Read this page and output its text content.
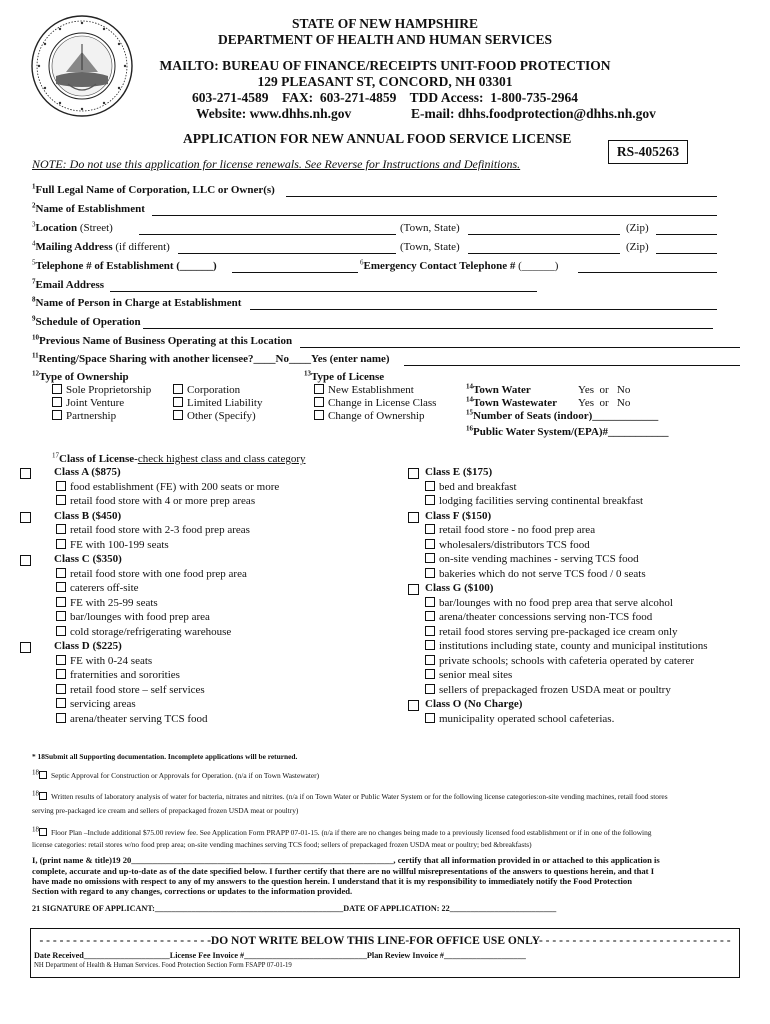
STATE OF NEW HAMPSHIRE
DEPARTMENT OF HEALTH AND HUMAN SERVICES
MAILTO: BUREAU OF FINANCE/RECEIPTS UNIT-FOOD PROTECTION
129 PLEASANT ST, CONCORD, NH 03301
603-271-4589    FAX:  603-271-4859    TDD Access:  1-800-735-2964
Website: www.dhhs.nh.gov	E-mail: dhhs.foodprotection@dhhs.nh.gov
APPLICATION FOR NEW ANNUAL FOOD SERVICE LICENSE
RS-405263
NOTE: Do not use this application for license renewals. See Reverse for Instructions and Definitions.
$^1$Full Legal Name of Corporation, LLC or Owner(s)
$^2$Name of Establishment
$^3$Location (Street)	(Town, State)	(Zip)
$^4$Mailing Address (if different)	(Town, State)	(Zip)
$^5$Telephone # of Establishment (______)	$^6$Emergency Contact Telephone # (______)
$^7$Email Address
$^8$Name of Person in Charge at Establishment
$^9$Schedule of Operation
$^{10}$Previous Name of Business Operating at this Location
$^{11}$Renting/Space Sharing with another licensee?____No____Yes (enter name)
$^{12}$Type of Ownership
Sole Proprietorship
Joint Venture
Partnership
Corporation
Limited Liability
Other (Specify)
$^{13}$Type of License
New Establishment
Change in License Class
Change of Ownership
$^{14}$Town Water	Yes  or   No
$^{14}$Town Wastewater Yes  or   No
$^{15}$Number of Seats (indoor)____________
$^{16}$Public Water System/(EPA)#___________
$^{17}$Class of License-check highest class and class category
Class A ($875)
food establishment (FE) with 200 seats or more
retail food store with 4 or more prep areas
Class B ($450)
retail food store with 2-3 food prep areas
FE with 100-199 seats
Class C ($350)
retail food store with one food prep area
caterers off-site
FE with 25-99 seats
bar/lounges with food prep area
cold storage/refrigerating warehouse
Class D ($225)
FE with 0-24 seats
fraternities and sororities
retail food store – self services
servicing areas
arena/theater serving TCS food
Class E ($175)
bed and breakfast
lodging facilities serving continental breakfast
Class F ($150)
retail food store - no food prep area
wholesalers/distributors TCS food
on-site vending machines - serving TCS food
bakeries which do not serve TCS food / 0 seats
Class G ($100)
bar/lounges with no food prep area that serve alcohol
arena/theater concessions serving non-TCS food
retail food stores serving pre-packaged ice cream only
institutions including state, county and municipal institutions
private schools; schools with cafeteria operated by caterer
senior meal sites
sellers of prepackaged frozen USDA meat or poultry
Class O (No Charge)
municipality operated school cafeterias.
* 18Submit all Supporting documentation. Incomplete applications will be returned.
$^{18}$ Septic Approval for Construction or Approvals for Operation. (n/a if on Town Wastewater)
$^{18}$ Written results of laboratory analysis of water for bacteria, nitrates and nitrites. (n/a if on Town Water or Public Water System or for the following license categories:on-site vending machines, retail food stores
serving pre-packaged ice cream and sellers of prepackaged frozen USDA meat or poultry)
$^{18}$ Floor Plan –Include additional $75.00 review fee. See Application Form PRAPP 07-01-15. (n/a if there are no changes being made to a previously licensed food establishment or if in one of the following
license categories: retail stores w/no food prep area; on-site vending machines serving TCS food; sellers of prepackaged frozen USDA meat or poultry; bed &breakfasts)
I, (print name & title)19 20_____________________________________________________________, certify that all information provided in or attached to this application is
complete, accurate and up-to-date as of the date specified below. I further certify that there are no willful misrepresentations of the answers to questions herein, and that I
have made no omissions with respect to any of my answers to the question herein. I understand that it is my responsibility to immediately notify the Food Protection
Section with regard to any changes, corrections or updates to the information provided.
21 SIGNATURE OF APPLICANT:______________________________________________DATE OF APPLICATION: 22__________________________
- - - - - - - - - - - - - - - - - - - - - - - - - -DO NOT WRITE BELOW THIS LINE-FOR OFFICE USE ONLY- - - - - - - - - - - - - - - - - - - - - - - - - - - - -
Date Received_____________________License Fee Invoice #______________________________Plan Review Invoice #____________________
NH Department of Health & Human Services. Food Protection Section Form FSAPP 07-01-19
